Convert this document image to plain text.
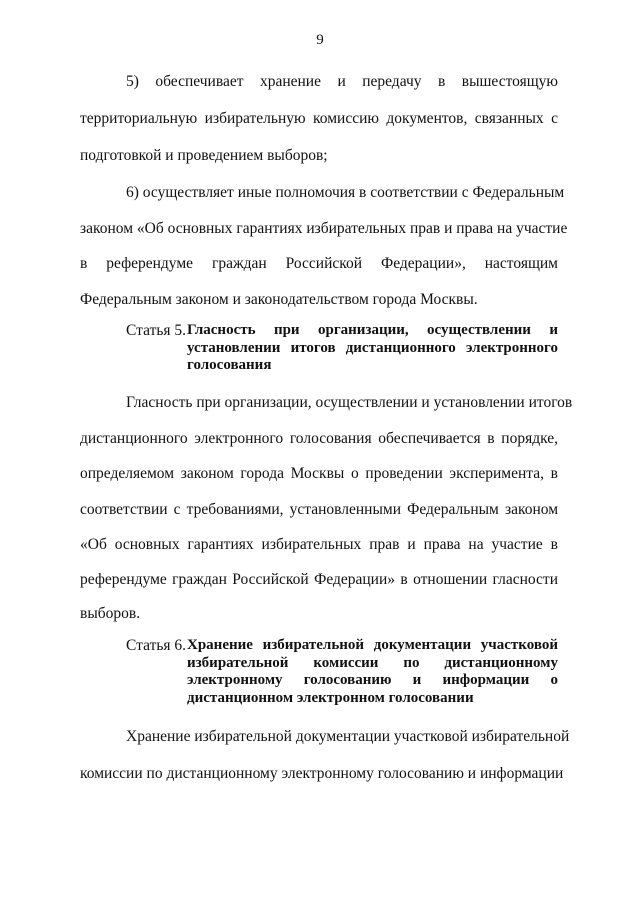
9
5) обеспечивает хранение и передачу в вышестоящую
территориальную избирательную комиссию документов, связанных с
подготовкой и проведением выборов;
6) осуществляет иные полномочия в соответствии с Федеральным
законом «Об основных гарантиях избирательных прав и права на участие
в референдуме граждан Российской Федерации», настоящим
Федеральным законом и законодательством города Москвы.
Статья 5. Гласность при организации, осуществлении и
установлении итогов дистанционного электронного
голосования
Гласность при организации, осуществлении и установлении итогов
дистанционного электронного голосования обеспечивается в порядке,
определяемом законом города Москвы о проведении эксперимента, в
соответствии с требованиями, установленными Федеральным законом
«Об основных гарантиях избирательных прав и права на участие в
референдуме граждан Российской Федерации» в отношении гласности
выборов.
Статья 6. Хранение избирательной документации участковой
избирательной комиссии по дистанционному
электронному голосованию и информации о
дистанционном электронном голосовании
Хранение избирательной документации участковой избирательной
комиссии по дистанционному электронному голосованию и информации
